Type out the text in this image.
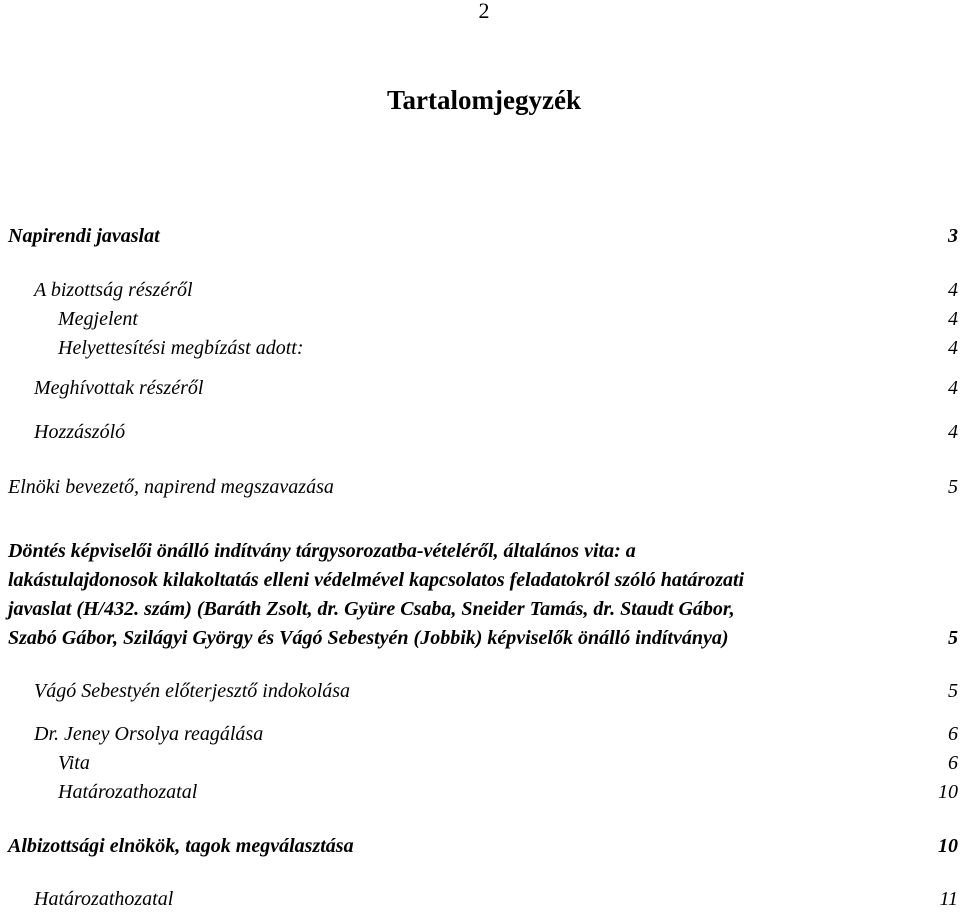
2
Tartalomjegyzék
Napirendi javaslat	3
A bizottság részéről	4
Megjelent	4
Helyettesítési megbízást adott:	4
Meghívottak részéről	4
Hozzászóló	4
Elnöki bevezető, napirend megszavazása	5
Döntés képviselői önálló indítvány tárgysorozatba-vételéről, általános vita: a
lakástulajdonosok kilakoltatás elleni védelmével kapcsolatos feladatokról szóló határozati
javaslat (H/432. szám) (Baráth Zsolt, dr. Gyüre Csaba, Sneider Tamás, dr. Staudt Gábor,
Szabó Gábor, Szilágyi György és Vágó Sebestyén (Jobbik) képviselők önálló indítványa)	5
Vágó Sebestyén előterjesztő indokolása	5
Dr. Jeney Orsolya reagálása	6
Vita	6
Határozathozatal	10
Albizottsági elnökök, tagok megválasztása	10
Határozathozatal	11
